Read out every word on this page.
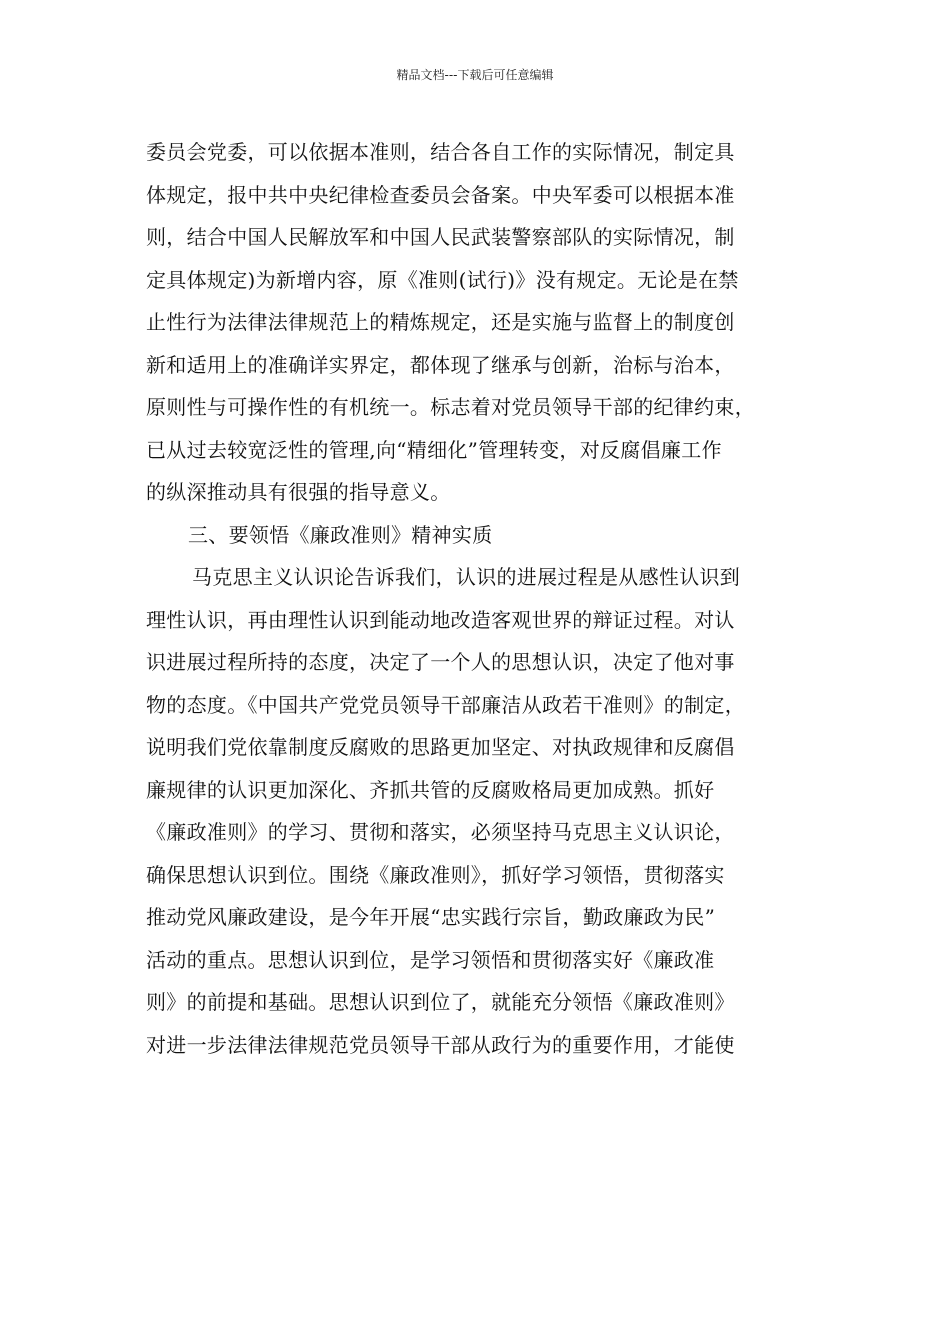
精品文档---下载后可任意编辑
委员会党委，可以依据本准则，结合各自工作的实际情况，制定具
体规定，报中共中央纪律检查委员会备案。中央军委可以根据本准
则，结合中国人民解放军和中国人民武装警察部队的实际情况，制
定具体规定)为新增内容，原《准则(试行)》没有规定。无论是在禁
止性行为法律法律规范上的精炼规定，还是实施与监督上的制度创
新和适用上的准确详实界定，都体现了继承与创新，治标与治本，
原则性与可操作性的有机统一。标志着对党员领导干部的纪律约束，
已从过去较宽泛性的管理,向“精细化”管理转变，对反腐倡廉工作
的纵深推动具有很强的指导意义。
三、要领悟《廉政准则》精神实质
马克思主义认识论告诉我们，认识的进展过程是从感性认识到
理性认识，再由理性认识到能动地改造客观世界的辩证过程。对认
识进展过程所持的态度，决定了一个人的思想认识，决定了他对事
物的态度。《中国共产党党员领导干部廉洁从政若干准则》的制定，
说明我们党依靠制度反腐败的思路更加坚定、对执政规律和反腐倡
廉规律的认识更加深化、齐抓共管的反腐败格局更加成熟。抓好
《廉政准则》的学习、贯彻和落实，必须坚持马克思主义认识论，
确保思想认识到位。围绕《廉政准则》，抓好学习领悟，贯彻落实
推动党风廉政建设，是今年开展“忠实践行宗旨，勤政廉政为民”
活动的重点。思想认识到位，是学习领悟和贯彻落实好《廉政准
则》的前提和基础。思想认识到位了，就能充分领悟《廉政准则》
对进一步法律法律规范党员领导干部从政行为的重要作用，才能使
